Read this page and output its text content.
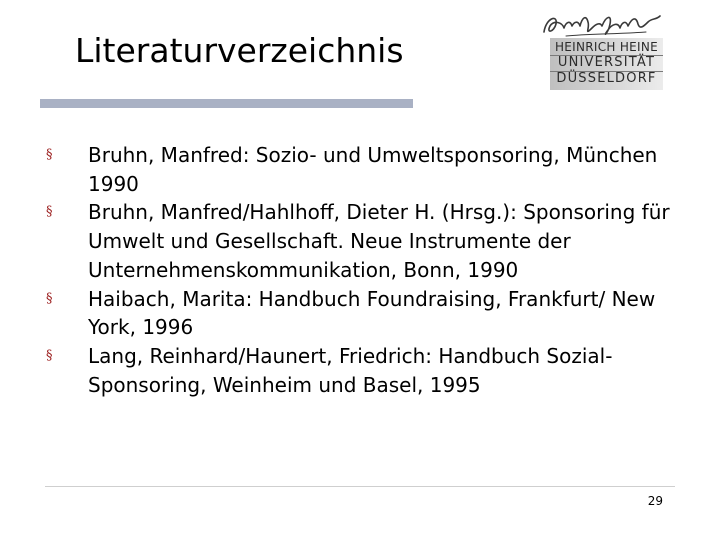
Literaturverzeichnis	HEINRICH HEINE
UNIVERSITÄT
DÜSSELDORF
§ Bruhn, Manfred: Sozio- und Umweltsponsoring, München 1990
§ Bruhn, Manfred/Hahlhoff, Dieter H. (Hrsg.): Sponsoring für Umwelt und Gesellschaft. Neue Instrumente der Unternehmenskommunikation, Bonn, 1990
§ Haibach, Marita: Handbuch Foundraising, Frankfurt/ New York, 1996
§ Lang, Reinhard/Haunert, Friedrich: Handbuch Sozial-Sponsoring, Weinheim und Basel, 1995
29
